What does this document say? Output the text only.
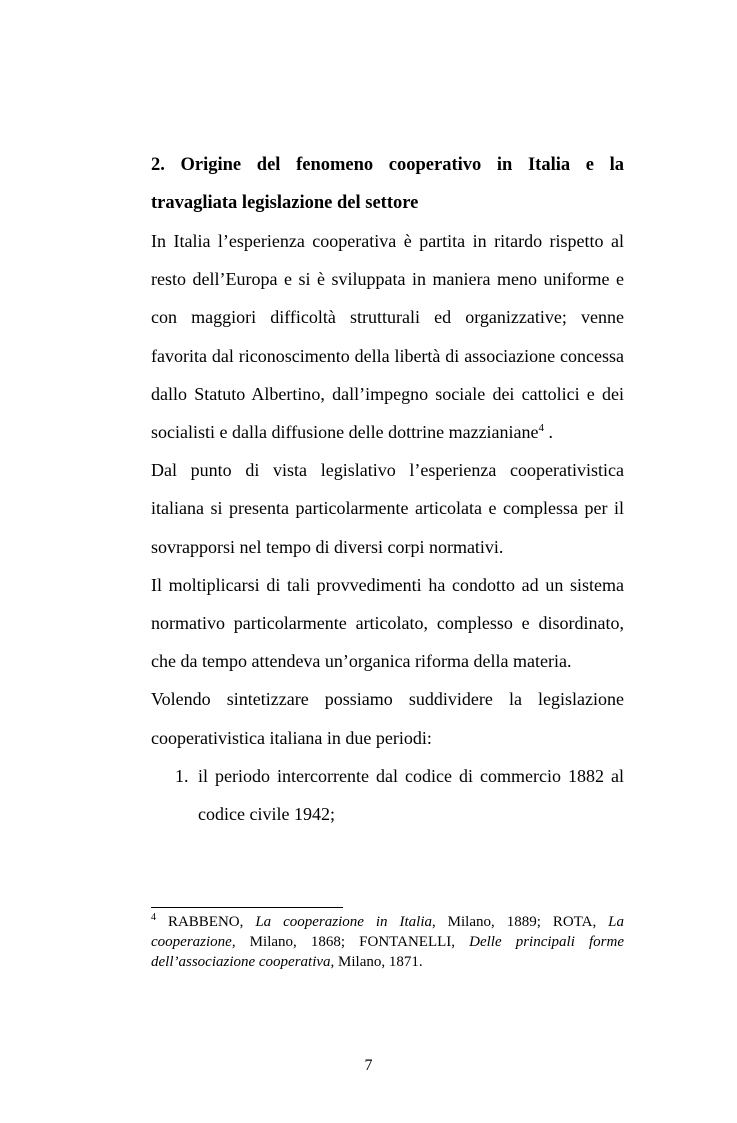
2. Origine del fenomeno cooperativo in Italia e la travagliata legislazione del settore

In Italia l’esperienza cooperativa è partita in ritardo rispetto al resto dell’Europa e si è sviluppata in maniera meno uniforme e con maggiori difficoltà strutturali ed organizzative; venne favorita dal riconoscimento della libertà di associazione concessa dallo Statuto Albertino, dall’impegno sociale dei cattolici e dei socialisti e dalla diffusione delle dottrine mazzianiane$^4$ .

Dal punto di vista legislativo l’esperienza cooperativistica italiana si presenta particolarmente articolata e complessa per il sovrapporsi nel tempo di diversi corpi normativi.

Il moltiplicarsi di tali provvedimenti ha condotto ad un sistema normativo particolarmente articolato, complesso e disordinato, che da tempo attendeva un’organica riforma della materia.

Volendo sintetizzare possiamo suddividere la legislazione cooperativistica italiana in due periodi:

1. il periodo intercorrente dal codice di commercio 1882 al codice civile 1942;
$^4$ RABBENO, La cooperazione in Italia, Milano, 1889; ROTA, La cooperazione, Milano, 1868; FONTANELLI, Delle principali forme dell’associazione cooperativa, Milano, 1871.
7
